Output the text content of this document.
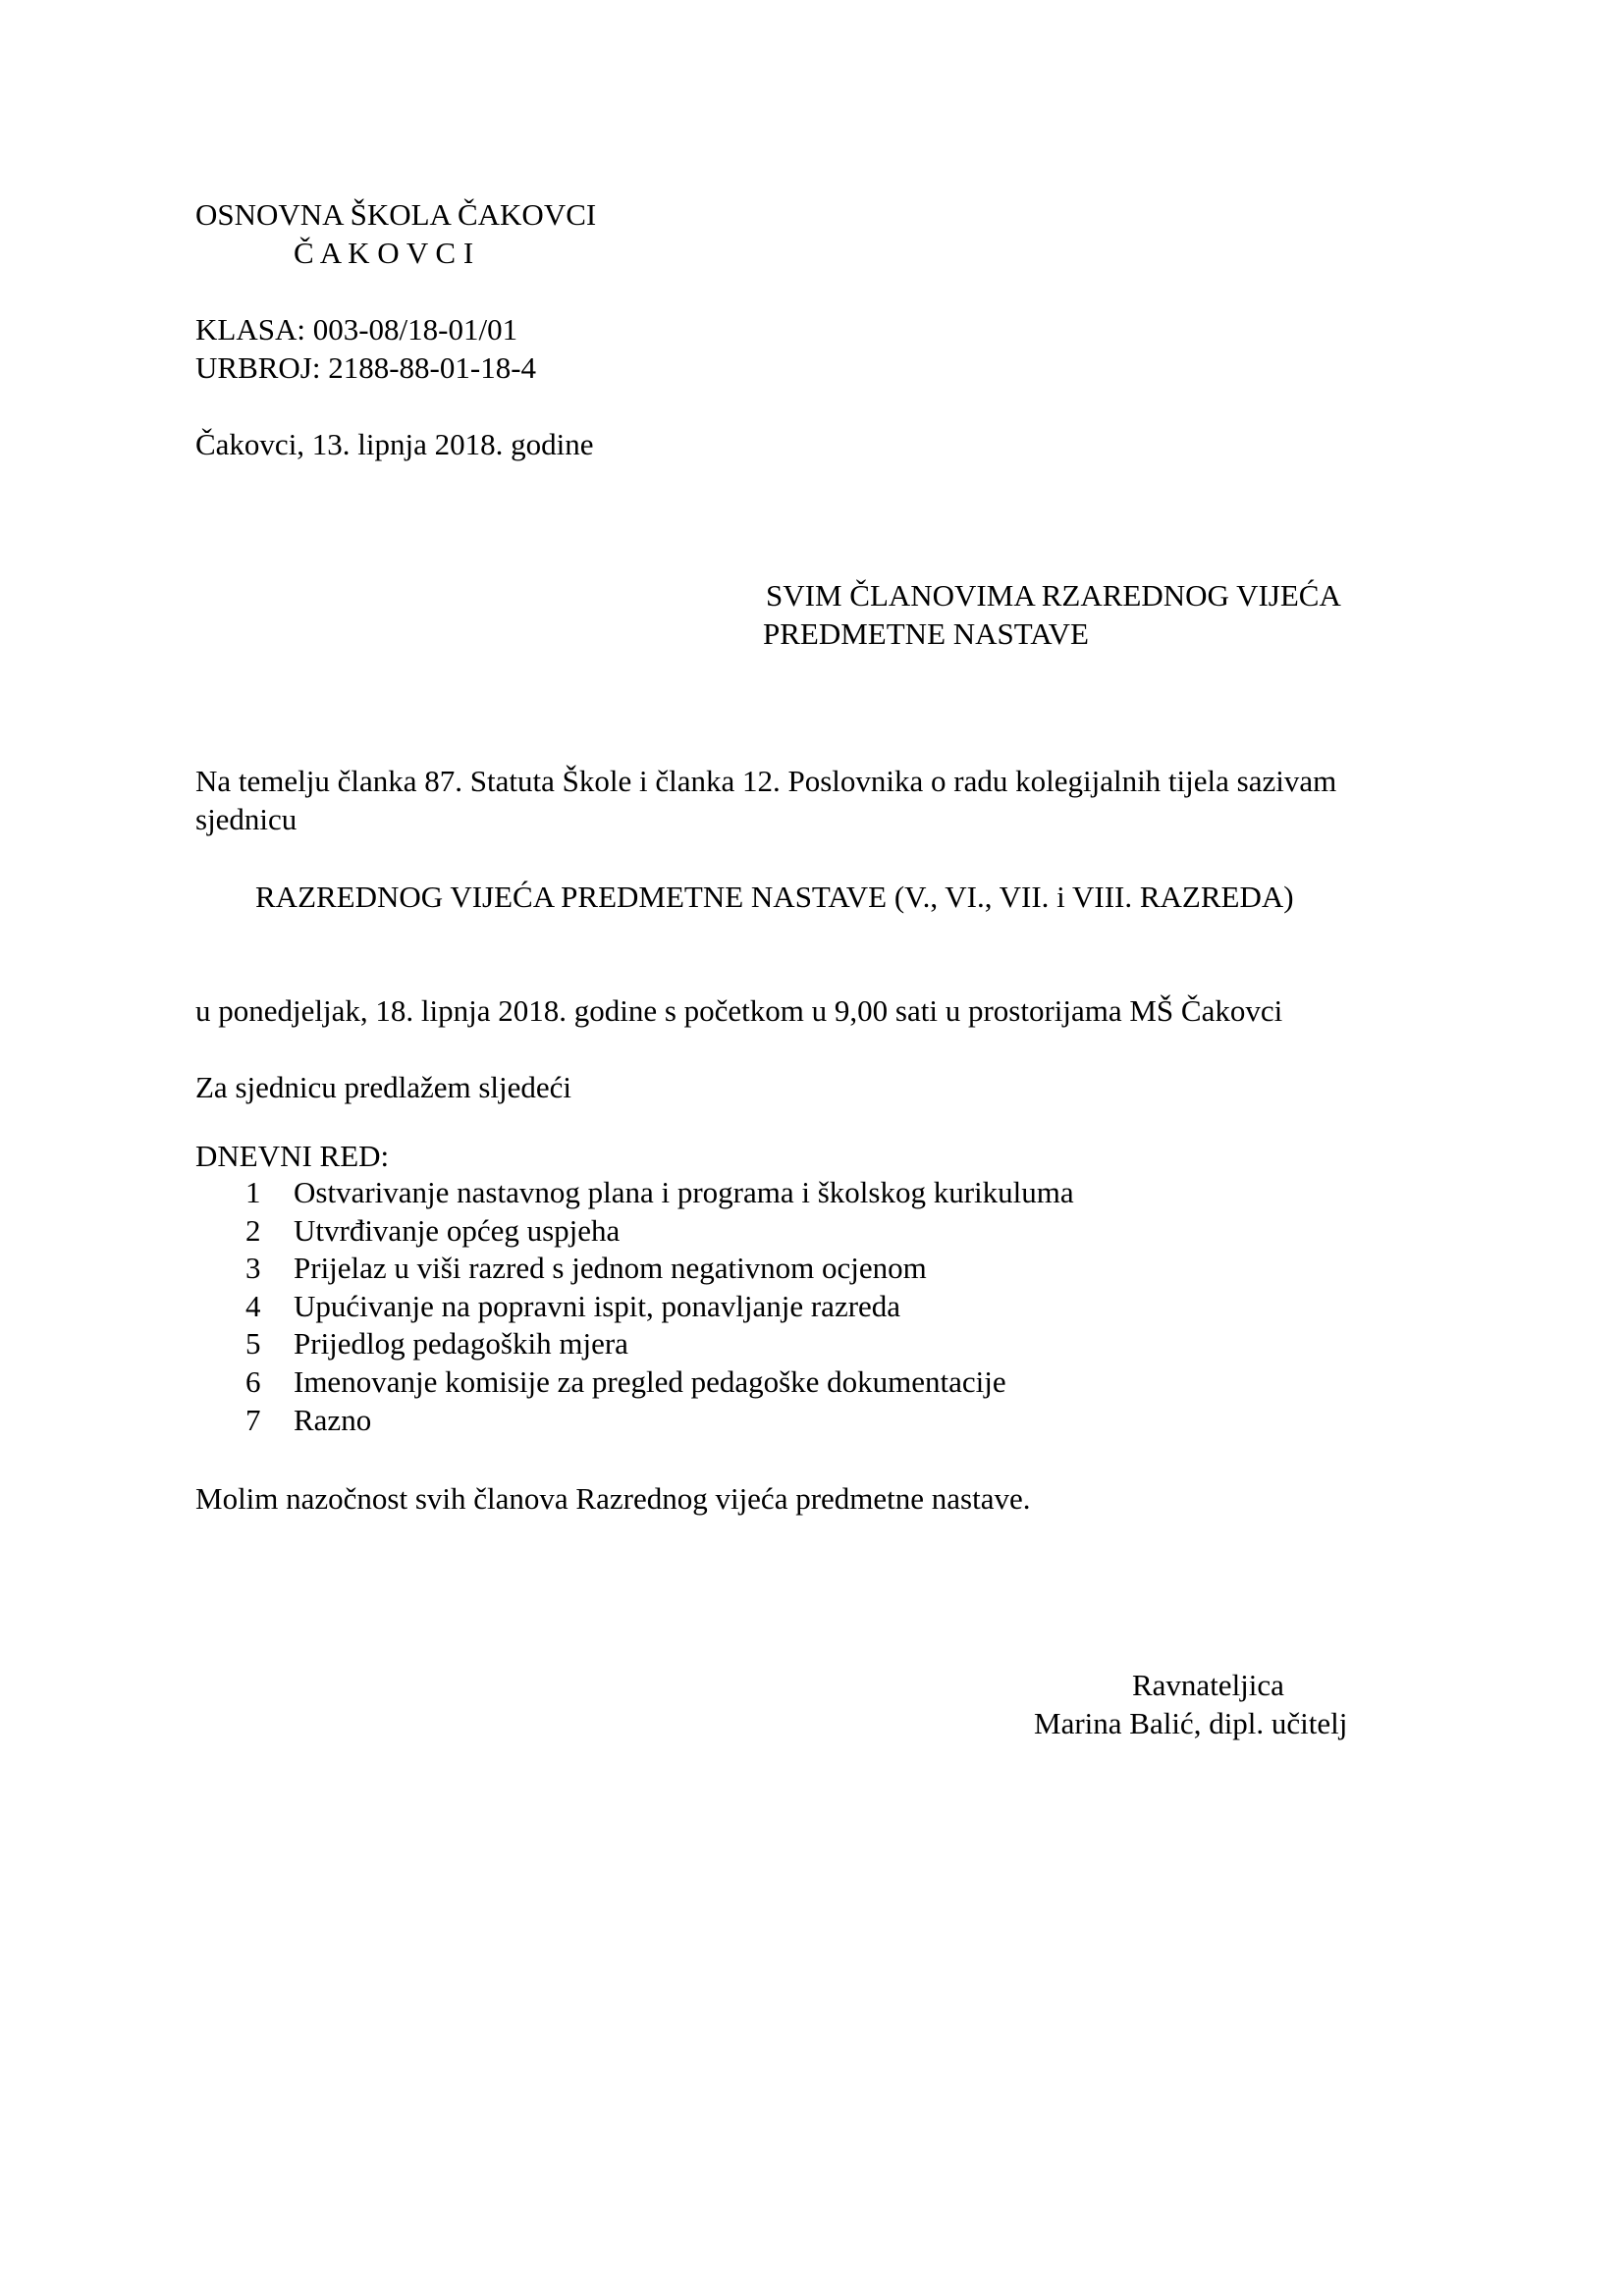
OSNOVNA ŠKOLA ČAKOVCI
Č A K O V C I
KLASA: 003-08/18-01/01
URBROJ: 2188-88-01-18-4
Čakovci, 13. lipnja 2018. godine
SVIM ČLANOVIMA RZAREDNOG VIJEĆA
PREDMETNE NASTAVE
Na temelju članka 87. Statuta Škole i članka 12. Poslovnika o radu kolegijalnih tijela sazivam
sjednicu
RAZREDNOG VIJEĆA PREDMETNE NASTAVE (V., VI., VII. i VIII. RAZREDA)
u ponedjeljak, 18. lipnja 2018. godine s početkom u 9,00 sati u prostorijama MŠ Čakovci
Za sjednicu predlažem sljedeći
DNEVNI RED:
1 Ostvarivanje nastavnog plana i programa i školskog kurikuluma
2 Utvrđivanje općeg uspjeha
3 Prijelaz u viši razred s jednom negativnom ocjenom
4 Upućivanje na popravni ispit, ponavljanje razreda
5 Prijedlog pedagoških mjera
6 Imenovanje komisije za pregled pedagoške dokumentacije
7 Razno
Molim nazočnost svih članova Razrednog vijeća predmetne nastave.
Ravnateljica
Marina Balić, dipl. učitelj
